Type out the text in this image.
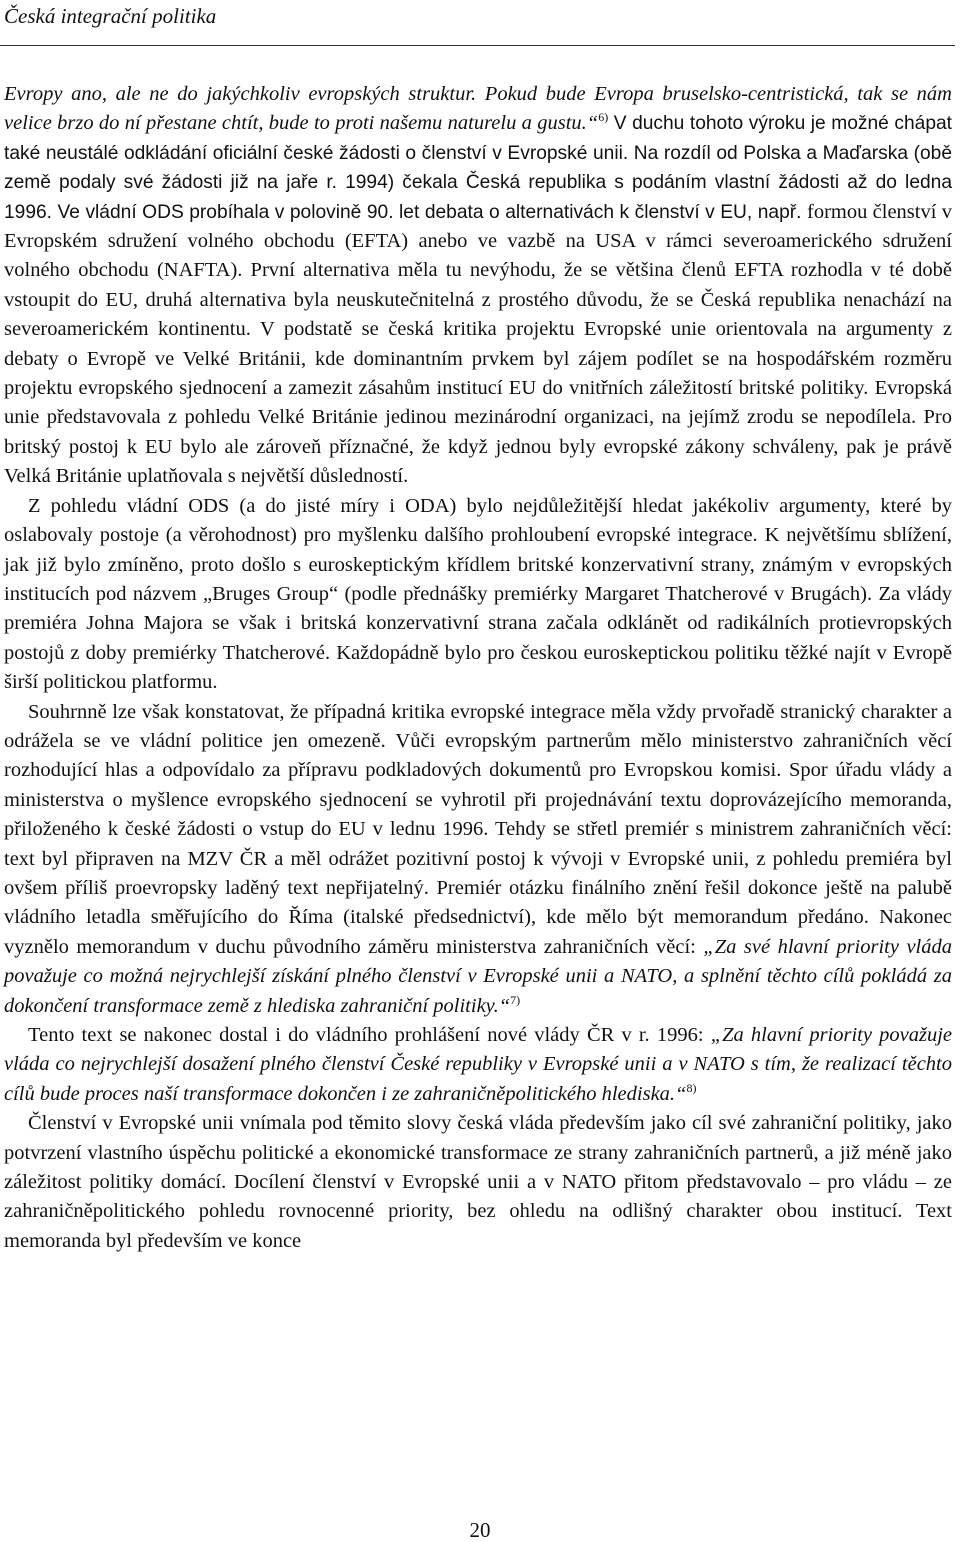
Česká integrační politika

Evropy ano, ale ne do jakýchkoliv evropských struktur. Pokud bude Evropa bruselsko-centristická, tak se nám velice brzo do ní přestane chtít, bude to proti našemu naturelu a gustu.“$^{6)}$ V duchu tohoto výroku je možné chápat také neustálé odkládání oficiální české žádosti o členství v Evropské unii. Na rozdíl od Polska a Maďarska (obě země podaly své žádosti již na jaře r. 1994) čekala Česká republika s podáním vlastní žádosti až do ledna 1996. Ve vládní ODS probíhala v polovině 90. let debata o alternativách k členství v EU, např. formou členství v Evropském sdružení volného obchodu (EFTA) anebo ve vazbě na USA v rámci severoamerického sdružení volného obchodu (NAFTA). První alternativa měla tu nevýhodu, že se většina členů EFTA rozhodla v té době vstoupit do EU, druhá alternativa byla neuskutečnitelná z prostého důvodu, že se Česká republika nenachází na severoamerickém kontinentu. V podstatě se česká kritika projektu Evropské unie orientovala na argumenty z debaty o Evropě ve Velké Británii, kde dominantním prvkem byl zájem podílet se na hospodářském rozměru projektu evropského sjednocení a zamezit zásahům institucí EU do vnitřních záležitostí britské politiky. Evropská unie představovala z pohledu Velké Británie jedinou mezinárodní organizaci, na jejímž zrodu se nepodílela. Pro britský postoj k EU bylo ale zároveň příznačné, že když jednou byly evropské zákony schváleny, pak je právě Velká Británie uplatňovala s největší důsledností.

Z pohledu vládní ODS (a do jisté míry i ODA) bylo nejdůležitější hledat jakékoliv argumenty, které by oslabovaly postoje (a věrohodnost) pro myšlenku dalšího prohloubení evropské integrace. K největšímu sblížení, jak již bylo zmíněno, proto došlo s euroskeptickým křídlem britské konzervativní strany, známým v evropských institucích pod názvem „Bruges Group“ (podle přednášky premiérky Margaret Thatcherové v Brugách). Za vlády premiéra Johna Majora se však i britská konzervativní strana začala odklánět od radikálních protievropských postojů z doby premiérky Thatcherové. Každopádně bylo pro českou euroskeptickou politiku těžké najít v Evropě širší politickou platformu.

Souhrnně lze však konstatovat, že případná kritika evropské integrace měla vždy prvořadě stranický charakter a odrážela se ve vládní politice jen omezeně. Vůči evropským partnerům mělo ministerstvo zahraničních věcí rozhodující hlas a odpovídalo za přípravu podkladových dokumentů pro Evropskou komisi. Spor úřadu vlády a ministerstva o myšlence evropského sjednocení se vyhrotil při projednávání textu doprovázejícího memoranda, přiloženého k české žádosti o vstup do EU v lednu 1996. Tehdy se střetl premiér s ministrem zahraničních věcí: text byl připraven na MZV ČR a měl odrážet pozitivní postoj k vývoji v Evropské unii, z pohledu premiéra byl ovšem příliš proevropsky laděný text nepřijatelný. Premiér otázku finálního znění řešil dokonce ještě na palubě vládního letadla směřujícího do Říma (italské předsednictví), kde mělo být memorandum předáno. Nakonec vyznělo memorandum v duchu původního záměru ministerstva zahraničních věcí: „Za své hlavní priority vláda považuje co možná nejrychlejší získání plného členství v Evropské unii a NATO, a splnění těchto cílů pokládá za dokončení transformace země z hlediska zahraniční politiky.“$^{7)}$

Tento text se nakonec dostal i do vládního prohlášení nové vlády ČR v r. 1996: „Za hlavní priority považuje vláda co nejrychlejší dosažení plného členství České republiky v Evropské unii a v NATO s tím, že realizací těchto cílů bude proces naší transformace dokončen i ze zahraničněpolitického hlediska.“$^{8)}$

Členství v Evropské unii vnímala pod těmito slovy česká vláda především jako cíl své zahraniční politiky, jako potvrzení vlastního úspěchu politické a ekonomické transformace ze strany zahraničních partnerů, a již méně jako záležitost politiky domácí. Docílení členství v Evropské unii a v NATO přitom představovalo – pro vládu – ze zahraničněpolitického pohledu rovnocenné priority, bez ohledu na odlišný charakter obou institucí. Text memoranda byl především ve konce

20
